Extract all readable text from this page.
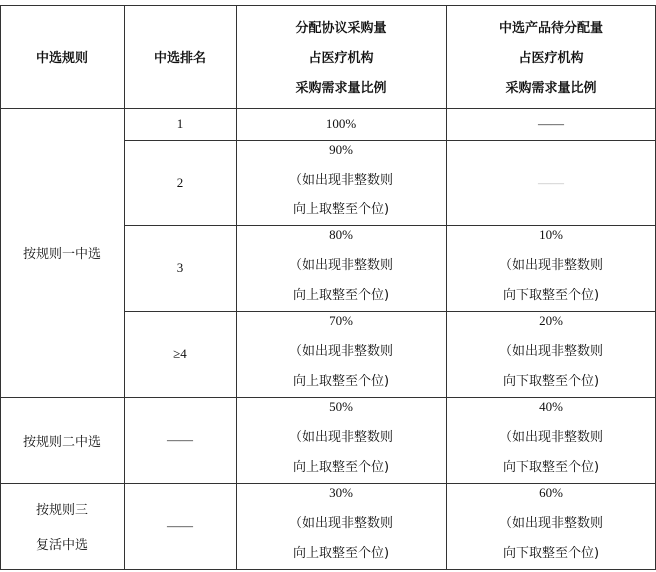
中选规则	中选排名
分配协议采购量
占医疗机构
采购需求量比例
中选产品待分配量
占医疗机构
采购需求量比例
按规则一中选
按规则二中选
按规则三
复活中选
1
2
3
≥4
——
——
100%
90%
（如出现非整数则
向上取整至个位)
80%
（如出现非整数则
向上取整至个位)
70%
（如出现非整数则
向上取整至个位)
50%
（如出现非整数则
向上取整至个位)
30%
（如出现非整数则
向上取整至个位)
——
——
10%
（如出现非整数则
向下取整至个位)
20%
（如出现非整数则
向下取整至个位)
40%
（如出现非整数则
向下取整至个位)
60%
（如出现非整数则
向下取整至个位)
